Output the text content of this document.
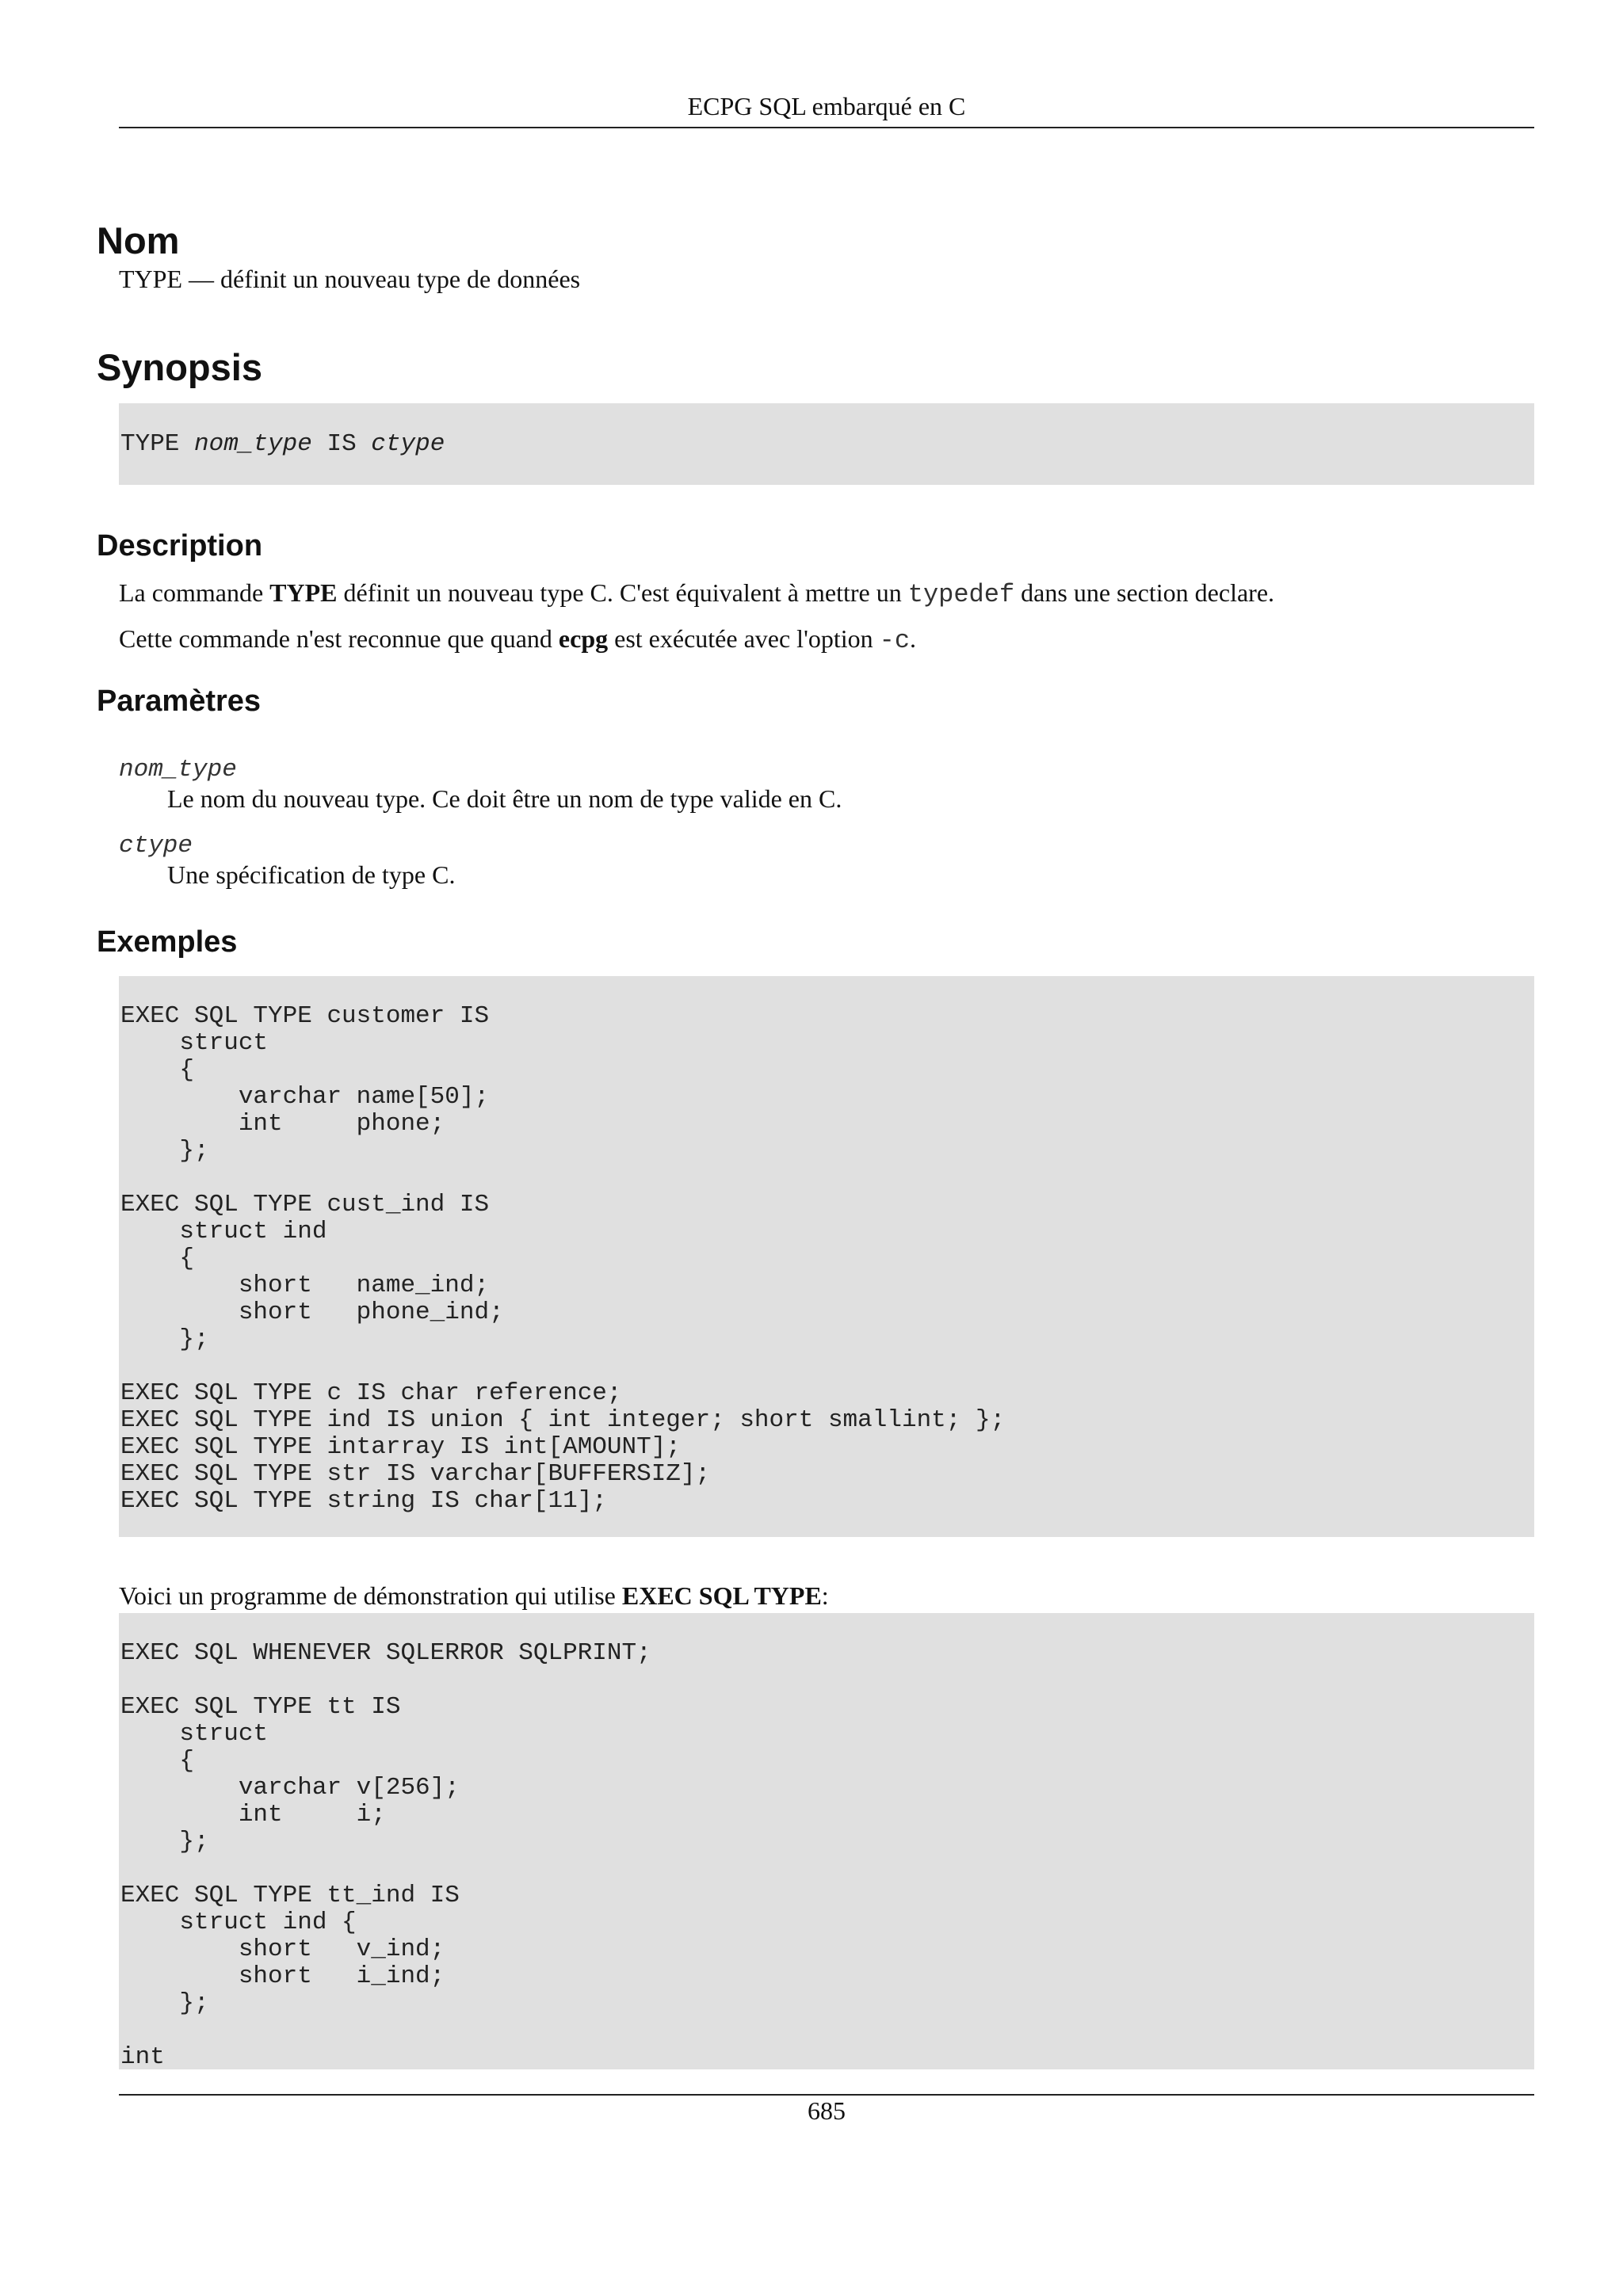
ECPG SQL embarqué en C
Nom

TYPE — définit un nouveau type de données

Synopsis
TYPE nom_type IS ctype
Description

La commande TYPE définit un nouveau type C. C'est équivalent à mettre un typedef dans une section declare.

Cette commande n'est reconnue que quand ecpg est exécutée avec l'option -c.

Paramètres
nom_type
Le nom du nouveau type. Ce doit être un nom de type valide en C.
ctype
Une spécification de type C.
Exemples
EXEC SQL TYPE customer IS
struct
{
varchar name[50];
int     phone;
};

EXEC SQL TYPE cust_ind IS
struct ind
{
short   name_ind;
short   phone_ind;
};

EXEC SQL TYPE c IS char reference;
EXEC SQL TYPE ind IS union { int integer; short smallint; };
EXEC SQL TYPE intarray IS int[AMOUNT];
EXEC SQL TYPE str IS varchar[BUFFERSIZ];
EXEC SQL TYPE string IS char[11];

Voici un programme de démonstration qui utilise EXEC SQL TYPE:

EXEC SQL WHENEVER SQLERROR SQLPRINT;

EXEC SQL TYPE tt IS
struct
{
varchar v[256];
int     i;
};

EXEC SQL TYPE tt_ind IS
struct ind {
short   v_ind;
short   i_ind;
};

int
685
